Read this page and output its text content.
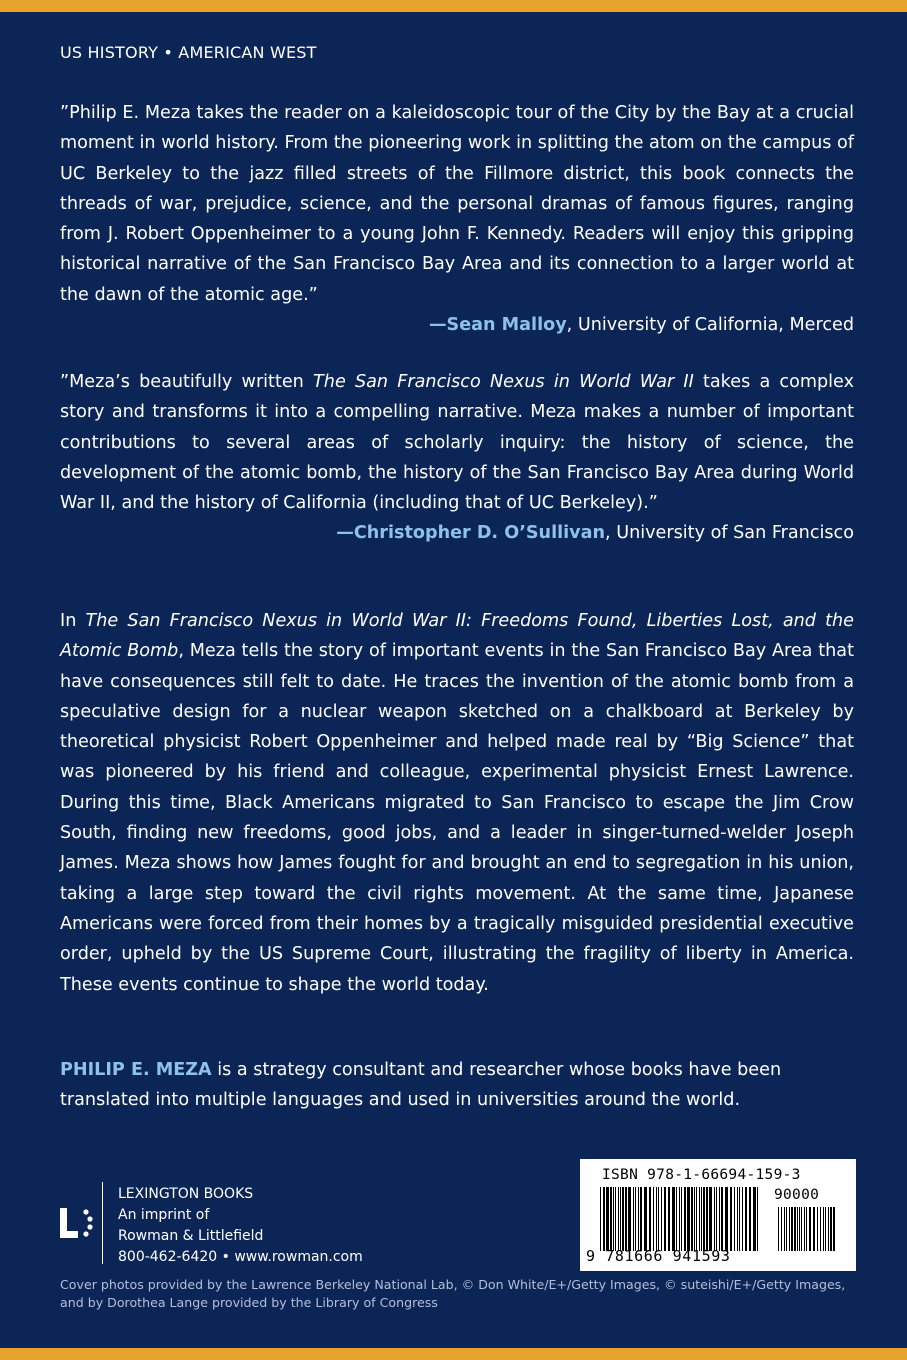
US HISTORY • AMERICAN WEST

”Philip E. Meza takes the reader on a kaleidoscopic tour of the City by the Bay at a crucial moment in world history. From the pioneering work in splitting the atom on the campus of UC Berkeley to the jazz filled streets of the Fillmore district, this book connects the threads of war, prejudice, science, and the personal dramas of famous figures, ranging from J. Robert Oppenheimer to a young John F. Kennedy. Readers will enjoy this gripping historical narrative of the San Francisco Bay Area and its connection to a larger world at the dawn of the atomic age.”

—Sean Malloy, University of California, Merced

”Meza’s beautifully written The San Francisco Nexus in World War II takes a complex story and transforms it into a compelling narrative. Meza makes a number of important contributions to several areas of scholarly inquiry: the history of science, the development of the atomic bomb, the history of the San Francisco Bay Area during World War II, and the history of California (including that of UC Berkeley).”

—Christopher D. O’Sullivan, University of San Francisco

In The San Francisco Nexus in World War II: Freedoms Found, Liberties Lost, and the Atomic Bomb, Meza tells the story of important events in the San Francisco Bay Area that have consequences still felt to date. He traces the invention of the atomic bomb from a speculative design for a nuclear weapon sketched on a chalkboard at Berkeley by theoretical physicist Robert Oppenheimer and helped made real by “Big Science” that was pioneered by his friend and colleague, experimental physicist Ernest Lawrence. During this time, Black Americans migrated to San Francisco to escape the Jim Crow South, finding new freedoms, good jobs, and a leader in singer-turned-welder Joseph James. Meza shows how James fought for and brought an end to segregation in his union, taking a large step toward the civil rights movement. At the same time, Japanese Americans were forced from their homes by a tragically misguided presidential executive order, upheld by the US Supreme Court, illustrating the fragility of liberty in America. These events continue to shape the world today.

PHILIP E. MEZA is a strategy consultant and researcher whose books have been translated into multiple languages and used in universities around the world.

LEXINGTON BOOKS
An imprint of
Rowman & Littlefield
800-462-6420 • www.rowman.com
ISBN 978-1-66694-159-3
90000
9 781666 941593
Cover photos provided by the Lawrence Berkeley National Lab, © Don White/E+/Getty Images, © suteishi/E+/Getty Images, and by Dorothea Lange provided by the Library of Congress
